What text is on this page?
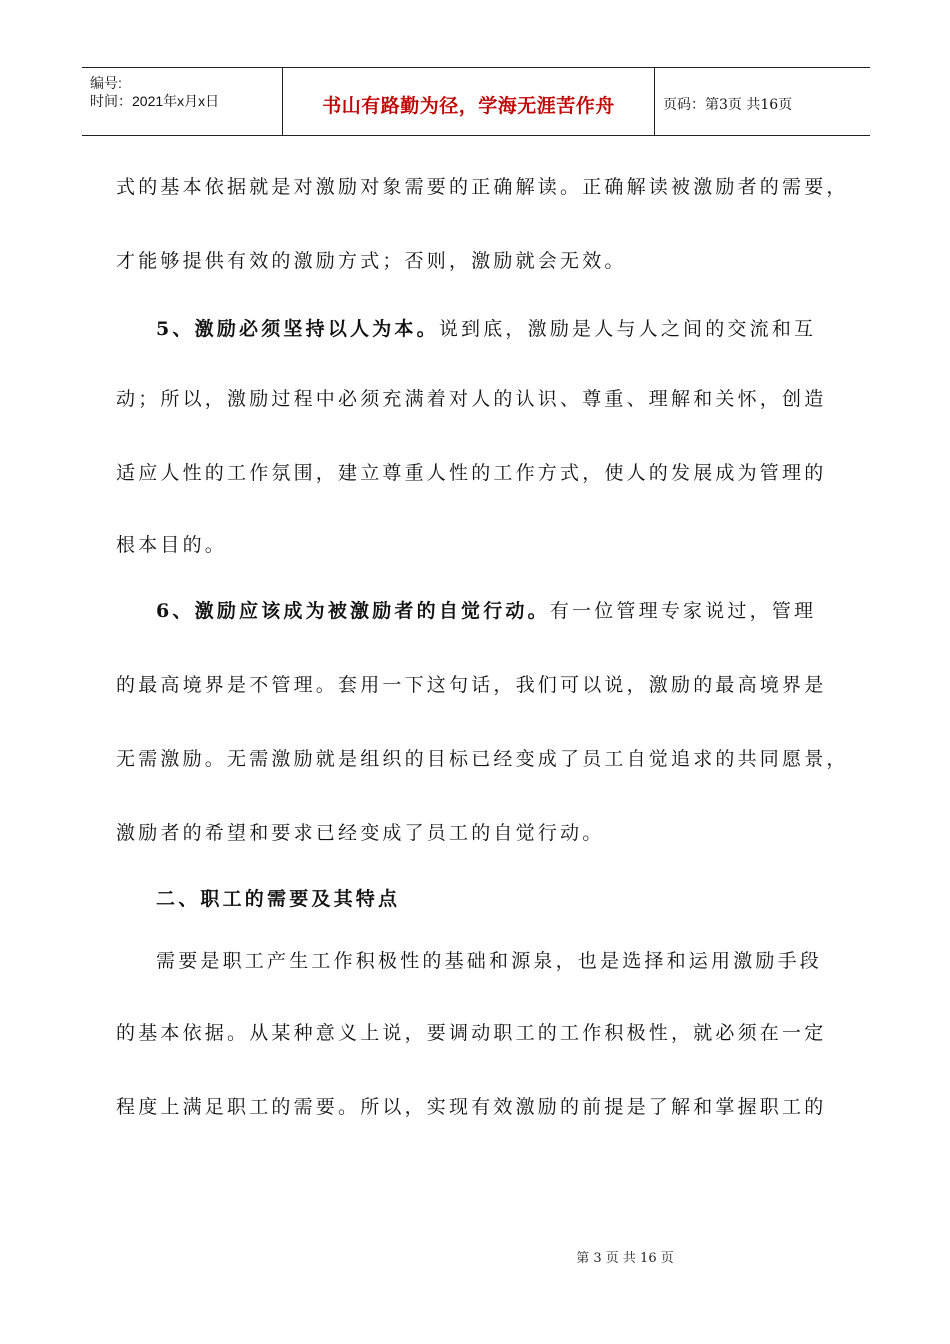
编号:
时间：2021年x月x日	书山有路勤为径，学海无涯苦作舟	页码：第3页 共16页
式的基本依据就是对激励对象需要的正确解读。正确解读被激励者的需要，
才能够提供有效的激励方式；否则，激励就会无效。
5、激励必须坚持以人为本。说到底，激励是人与人之间的交流和互
动；所以，激励过程中必须充满着对人的认识、尊重、理解和关怀，创造
适应人性的工作氛围，建立尊重人性的工作方式，使人的发展成为管理的
根本目的。
6、激励应该成为被激励者的自觉行动。有一位管理专家说过，管理
的最高境界是不管理。套用一下这句话，我们可以说，激励的最高境界是
无需激励。无需激励就是组织的目标已经变成了员工自觉追求的共同愿景，
激励者的希望和要求已经变成了员工的自觉行动。
二、职工的需要及其特点
需要是职工产生工作积极性的基础和源泉，也是选择和运用激励手段
的基本依据。从某种意义上说，要调动职工的工作积极性，就必须在一定
程度上满足职工的需要。所以，实现有效激励的前提是了解和掌握职工的
第 3 页 共 16 页
